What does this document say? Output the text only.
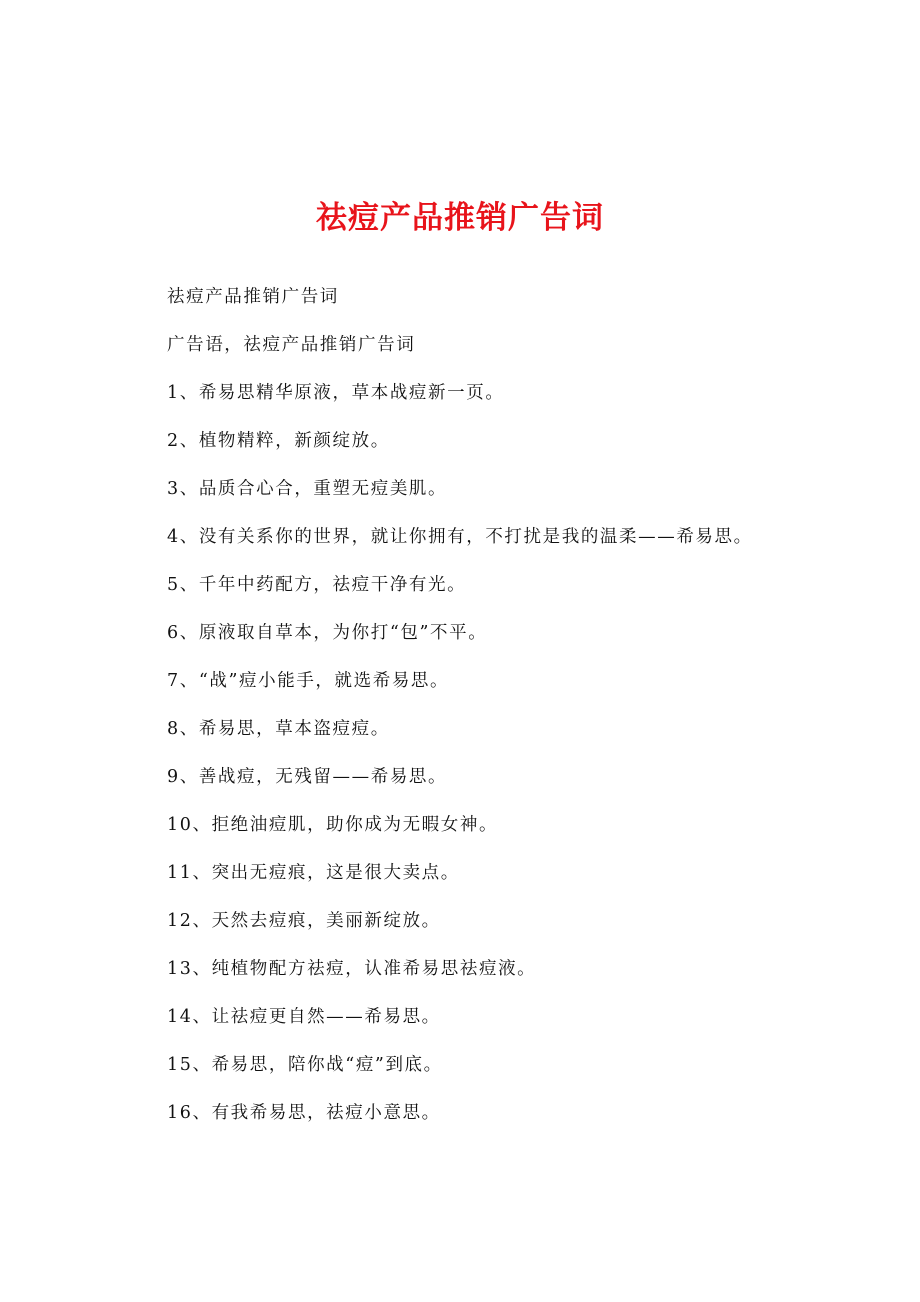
祛痘产品推销广告词
祛痘产品推销广告词
广告语，祛痘产品推销广告词
1、希易思精华原液，草本战痘新一页。
2、植物精粹，新颜绽放。
3、品质合心合，重塑无痘美肌。
4、没有关系你的世界，就让你拥有，不打扰是我的温柔——希易思。
5、千年中药配方，祛痘干净有光。
6、原液取自草本，为你打“包”不平。
7、“战”痘小能手，就选希易思。
8、希易思，草本盗痘痘。
9、善战痘，无残留——希易思。
10、拒绝油痘肌，助你成为无暇女神。
11、突出无痘痕，这是很大卖点。
12、天然去痘痕，美丽新绽放。
13、纯植物配方祛痘，认准希易思祛痘液。
14、让祛痘更自然——希易思。
15、希易思，陪你战“痘”到底。
16、有我希易思，祛痘小意思。
